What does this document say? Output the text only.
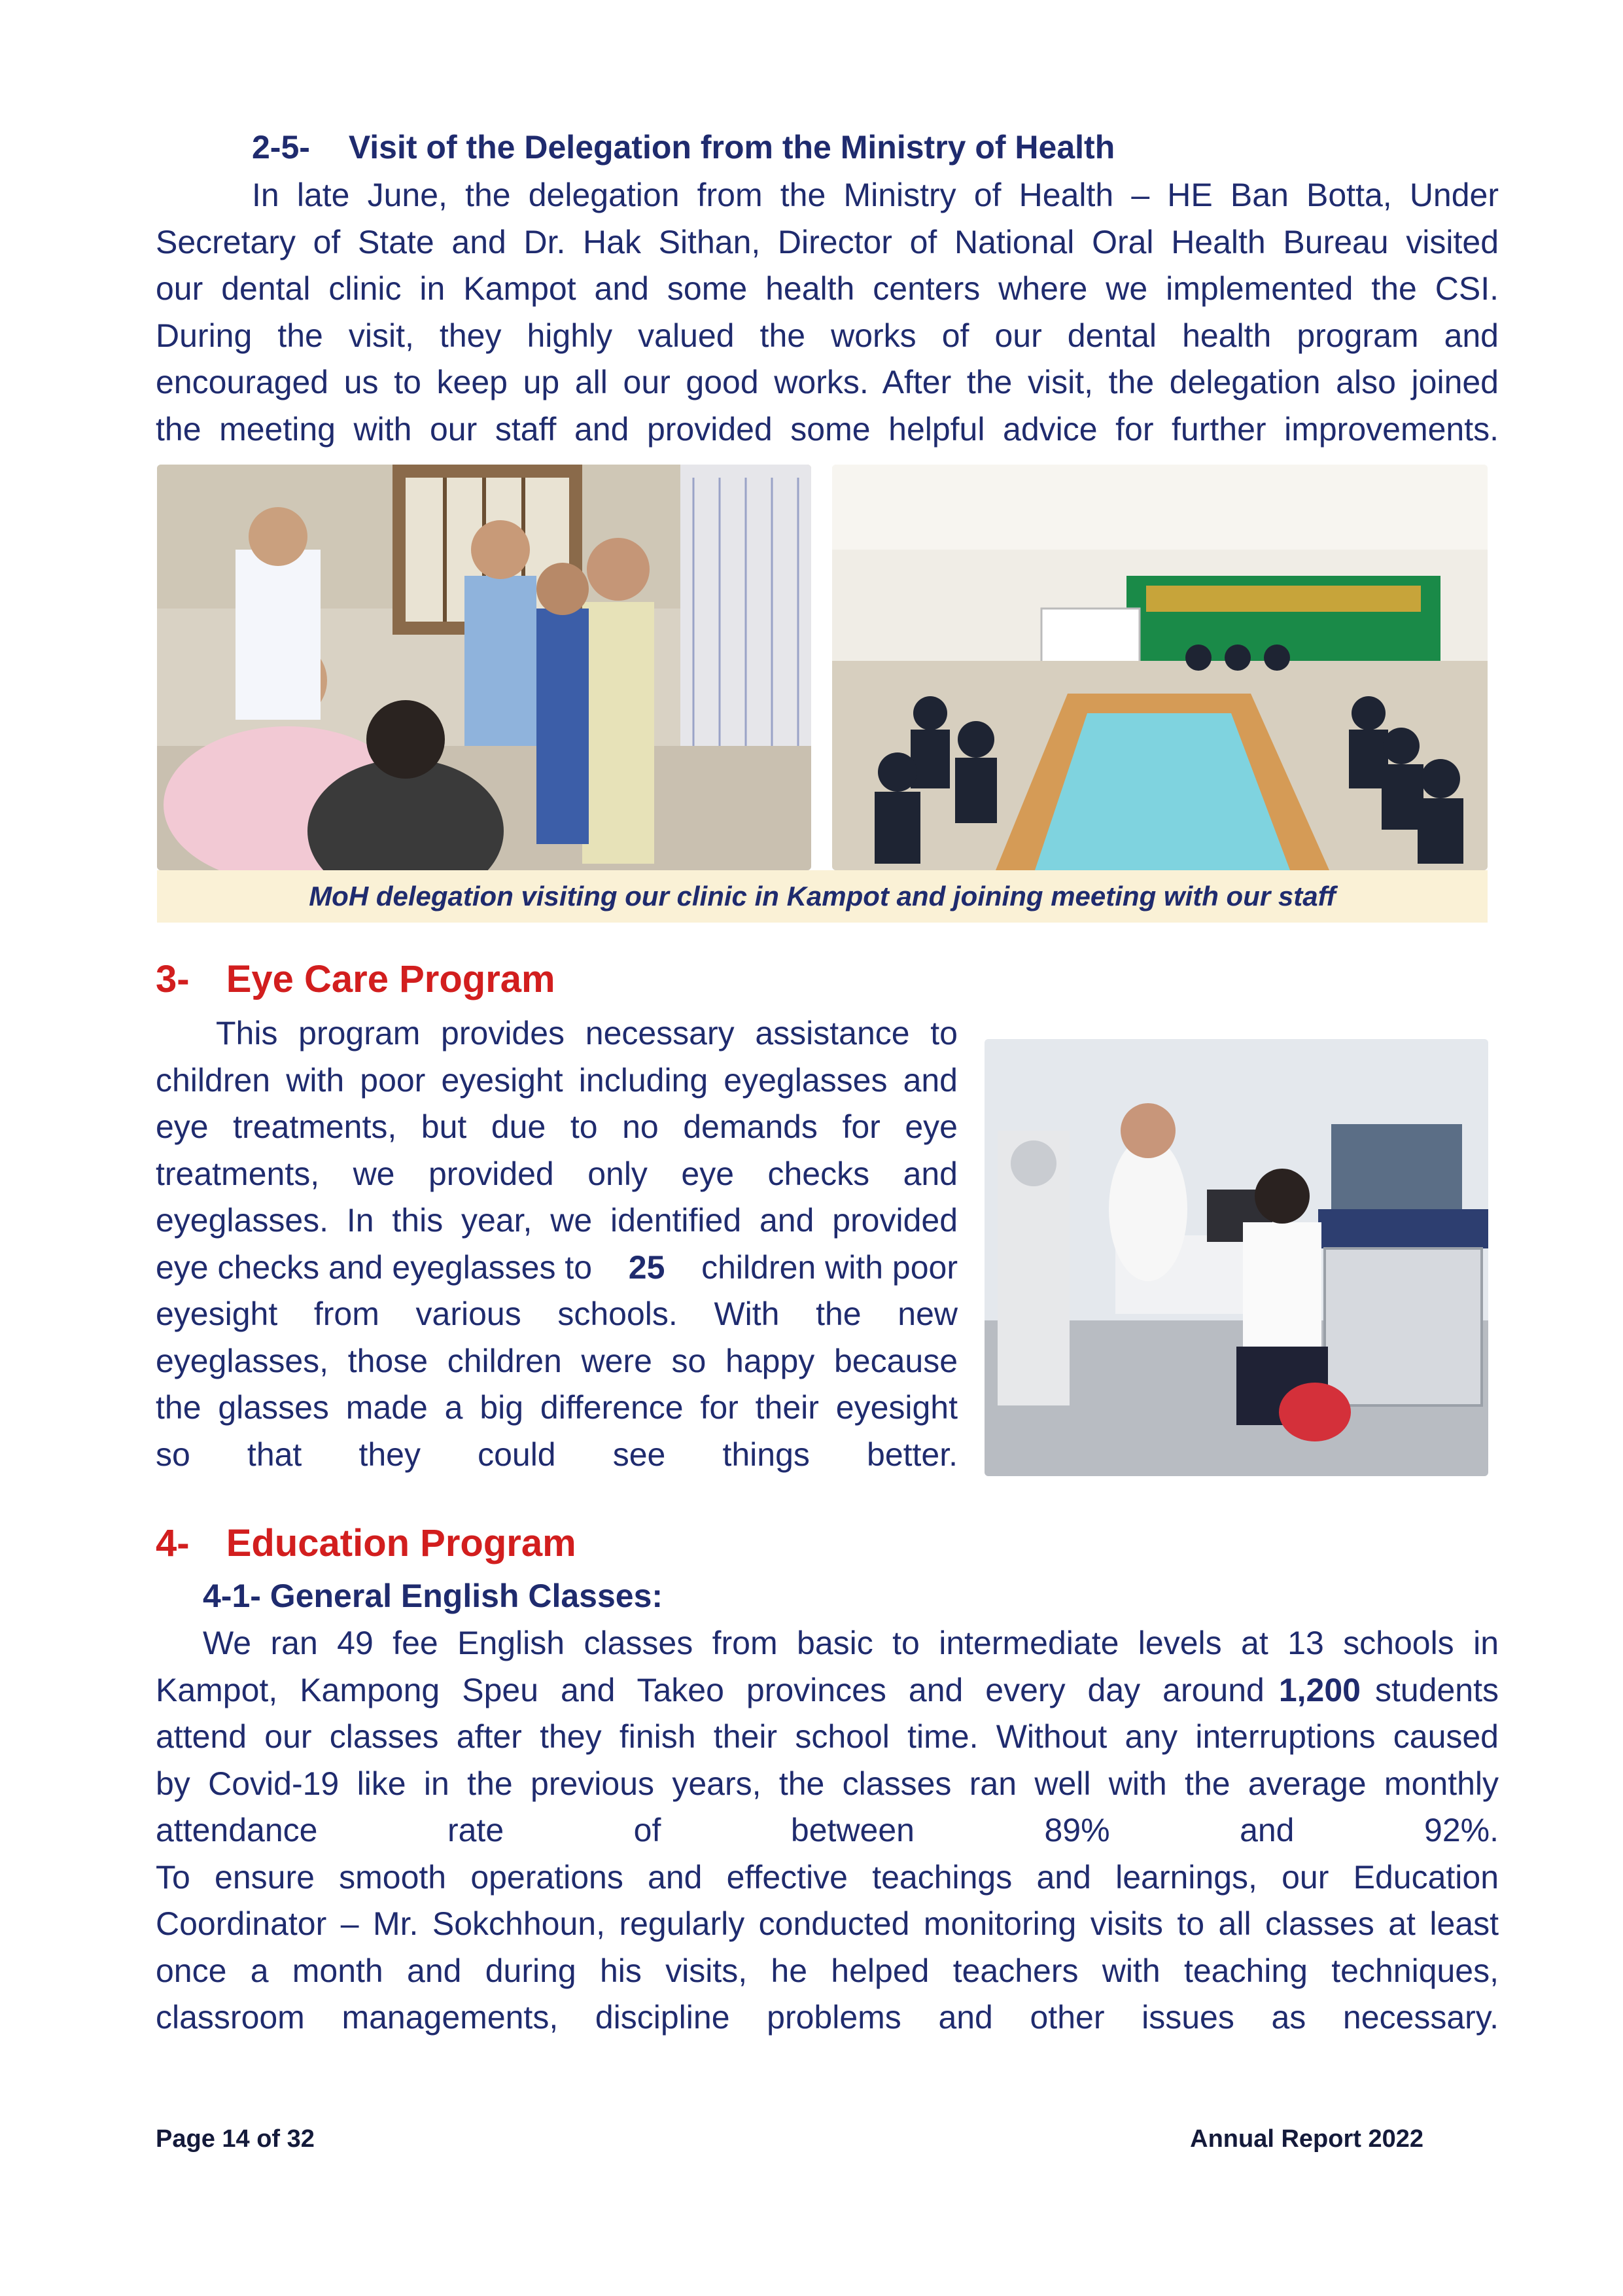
2-5- Visit of the Delegation from the Ministry of Health
In late June, the delegation from the Ministry of Health – HE Ban Botta, Under
Secretary of State and Dr. Hak Sithan, Director of National Oral Health Bureau visited
our dental clinic in Kampot and some health centers where we implemented the CSI.
During the visit, they highly valued the works of our dental health program and
encouraged us to keep up all our good works. After the visit, the delegation also joined
the meeting with our staff and provided some helpful advice for further improvements.
MoH delegation visiting our clinic in Kampot and joining meeting with our staff
3- Eye Care Program
This program provides necessary assistance to
children with poor eyesight including eyeglasses and
eye treatments, but due to no demands for eye
treatments, we provided only eye checks and
eyeglasses. In this year, we identified and provided
eye checks and eyeglasses to 25 children with poor
eyesight from various schools. With the new
eyeglasses, those children were so happy because
the glasses made a big difference for their eyesight
so that they could see things better.
4- Education Program
4-1- General English Classes:
We ran 49 fee English classes from basic to intermediate levels at 13 schools in
Kampot, Kampong Speu and Takeo provinces and every day around 1,200 students
attend our classes after they finish their school time. Without any interruptions caused
by Covid-19 like in the previous years, the classes ran well with the average monthly
attendance rate of between 89% and 92%.
To ensure smooth operations and effective teachings and learnings, our Education
Coordinator – Mr. Sokchhoun, regularly conducted monitoring visits to all classes at least
once a month and during his visits, he helped teachers with teaching techniques,
classroom managements, discipline problems and other issues as necessary.
Page 14 of 32	Annual Report 2022
